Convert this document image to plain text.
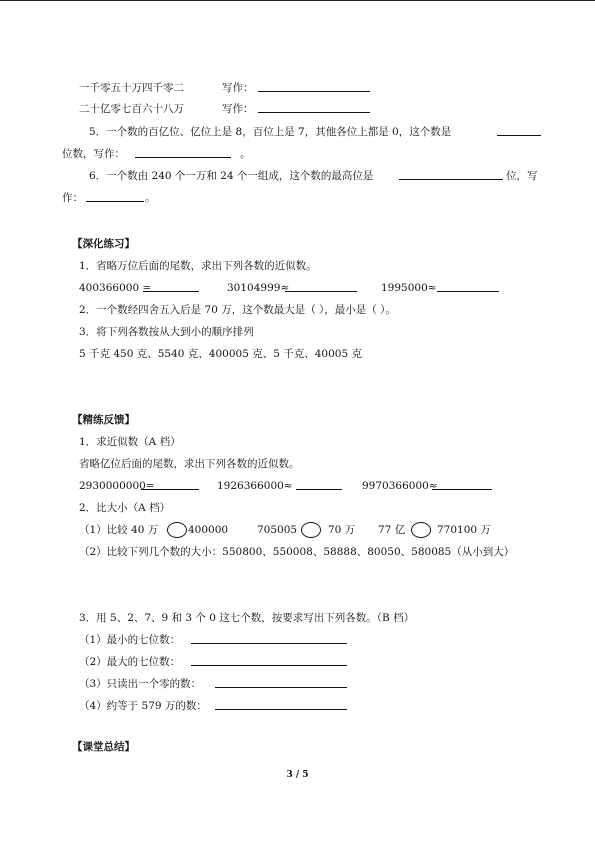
一千零五十万四千零二	写作：
二十亿零七百六十八万	写作：
5．一个数的百亿位、亿位上是 8，百位上是 7，其他各位上都是 0，这个数是
位数，写作：	。
6．一个数由 240 个一万和 24 个一组成，这个数的最高位是	位，写
作：	。
【深化练习】
1．省略万位后面的尾数，求出下列各数的近似数。
400366000 =	30104999≈	1995000≈
2．一个数经四舍五入后是 70 万，这个数最大是（ ），最小是（ ）。
3．将下列各数按从大到小的顺序排列
5 千克 450 克、5540 克、400005 克、5 千克、40005 克
【精练反馈】
1．求近似数（A 档）
省略亿位后面的尾数，求出下列各数的近似数。
2930000000=	1926366000≈	9970366000≈
2．比大小（A 档）
（1）比较 40 万	400000	705005	70 万 77 亿	770100 万
（2）比较下列几个数的大小：550800、550008、58888、80050、580085（从小到大）
3．用 5、2、7、9 和 3 个 0 这七个数，按要求写出下列各数。（B 档）
（1）最小的七位数：
（2）最大的七位数：
（3）只读出一个零的数：
（4）约等于 579 万的数：
【课堂总结】
3 / 5
